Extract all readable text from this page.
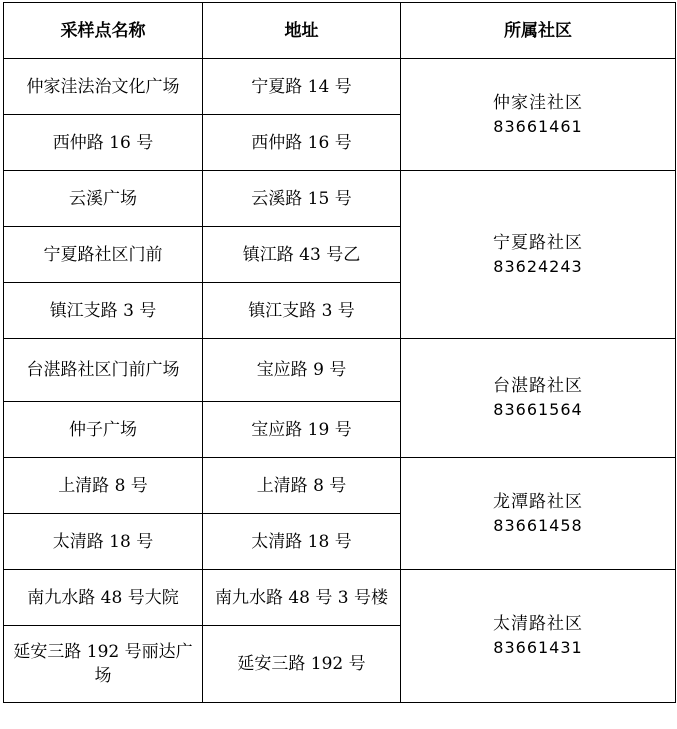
采样点名称	地址	所属社区
仲家洼法治文化广场	宁夏路 14 号	仲家洼社区
83661461

西仲路 16 号	西仲路 16 号	
云溪广场	云溪路 15 号	宁夏路社区
83624243

宁夏路社区门前	镇江路 43 号乙	
镇江支路 3 号	镇江支路 3 号	
台湛路社区门前广场	宝应路 9 号	台湛路社区
83661564

仲子广场	宝应路 19 号	
上清路 8 号	上清路 8 号	龙潭路社区
83661458

太清路 18 号	太清路 18 号	
南九水路 48 号大院	南九水路 48 号 3 号楼	太清路社区
83661431

延安三路 192 号丽达广场	延安三路 192 号	
